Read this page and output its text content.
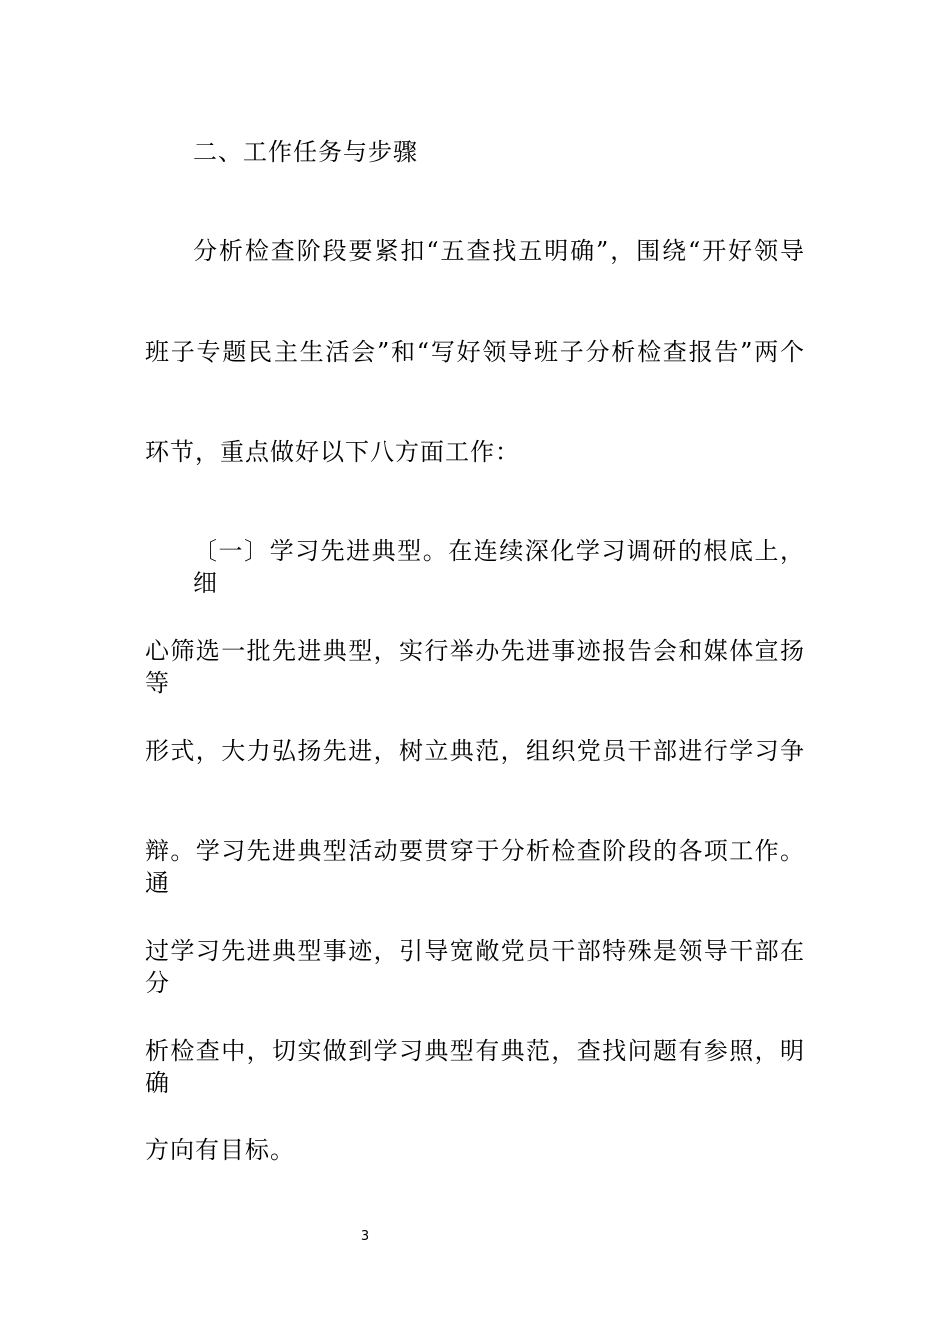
二、工作任务与步骤
分析检查阶段要紧扣“五查找五明确”，围绕“开好领导
班子专题民主生活会”和“写好领导班子分析检查报告”两个
环节，重点做好以下八方面工作：
〔一〕学习先进典型。在连续深化学习调研的根底上，细
心筛选一批先进典型，实行举办先进事迹报告会和媒体宣扬等
形式，大力弘扬先进，树立典范，组织党员干部进行学习争
辩。学习先进典型活动要贯穿于分析检查阶段的各项工作。通
过学习先进典型事迹，引导宽敞党员干部特殊是领导干部在分
析检查中，切实做到学习典型有典范，查找问题有参照，明确
方向有目标。
3
